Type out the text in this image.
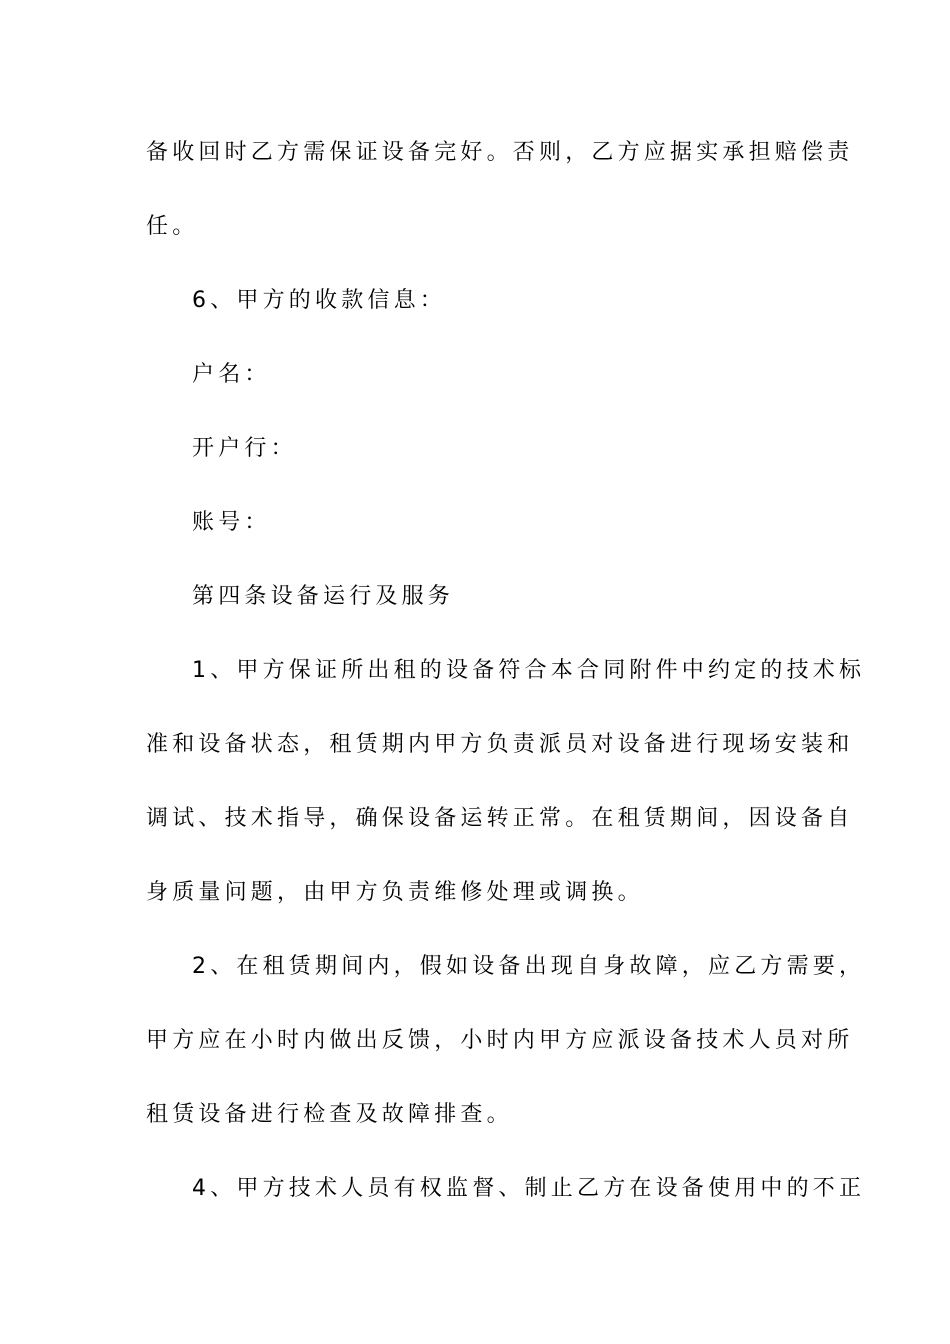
备收回时乙方需保证设备完好。否则，乙方应据实承担赔偿责
任。
6、甲方的收款信息：
户名：
开户行：
账号：
第四条设备运行及服务
1、甲方保证所出租的设备符合本合同附件中约定的技术标
准和设备状态，租赁期内甲方负责派员对设备进行现场安装和
调试、技术指导，确保设备运转正常。在租赁期间，因设备自
身质量问题，由甲方负责维修处理或调换。
2、在租赁期间内，假如设备出现自身故障，应乙方需要，
甲方应在小时内做出反馈，小时内甲方应派设备技术人员对所
租赁设备进行检查及故障排查。
4、甲方技术人员有权监督、制止乙方在设备使用中的不正
